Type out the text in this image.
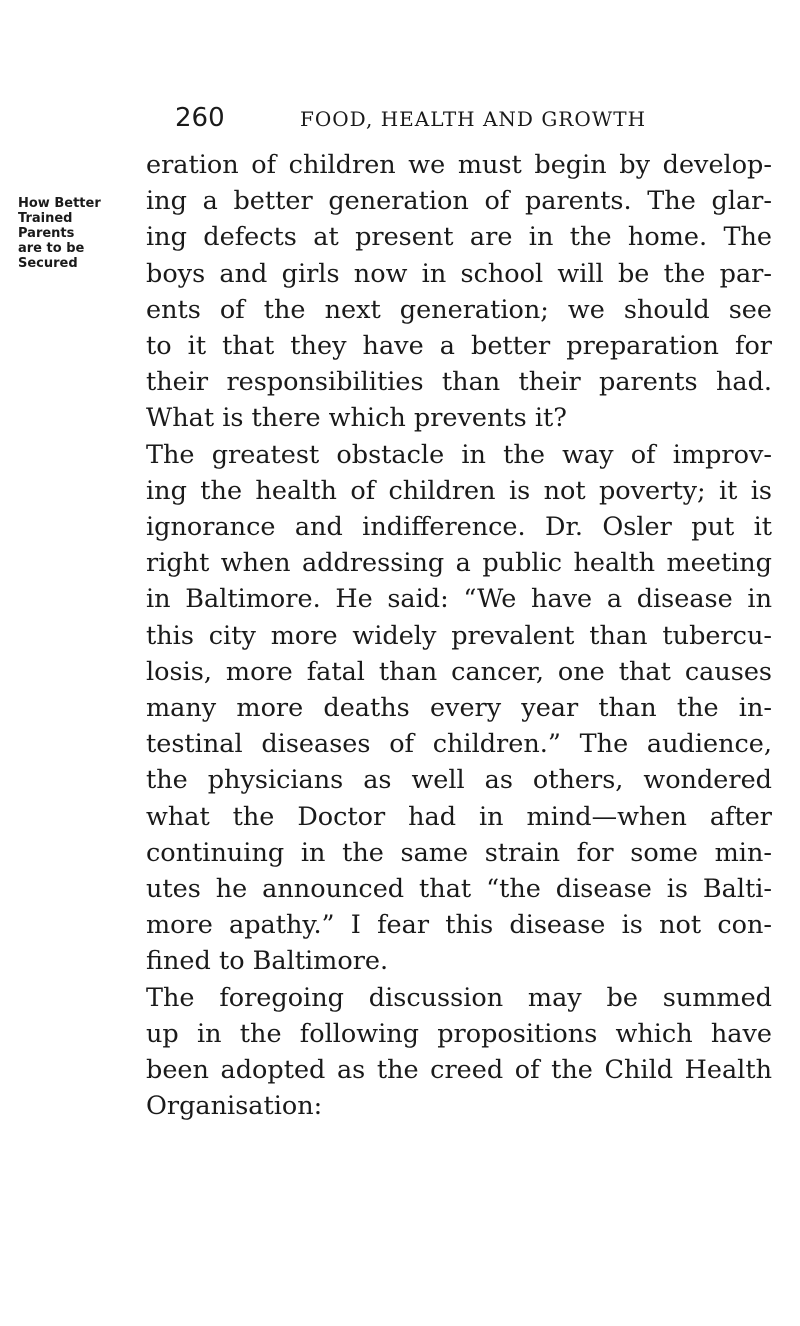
260	FOOD, HEALTH AND GROWTH
How Better
Trained
Parents
are to be
Secured
eration of children we must begin by develop-
ing a better generation of parents. The glar-
ing defects at present are in the home. The
boys and girls now in school will be the par-
ents of the next generation; we should see
to it that they have a better preparation for
their responsibilities than their parents had.
What is there which prevents it?
The greatest obstacle in the way of improv-
ing the health of children is not poverty; it is
ignorance and indifference. Dr. Osler put it
right when addressing a public health meeting
in Baltimore. He said: “We have a disease in
this city more widely prevalent than tubercu-
losis, more fatal than cancer, one that causes
many more deaths every year than the in-
testinal diseases of children.” The audience,
the physicians as well as others, wondered
what the Doctor had in mind—when after
continuing in the same strain for some min-
utes he announced that “the disease is Balti-
more apathy.” I fear this disease is not con-
fined to Baltimore.
The foregoing discussion may be summed
up in the following propositions which have
been adopted as the creed of the Child Health
Organisation:
